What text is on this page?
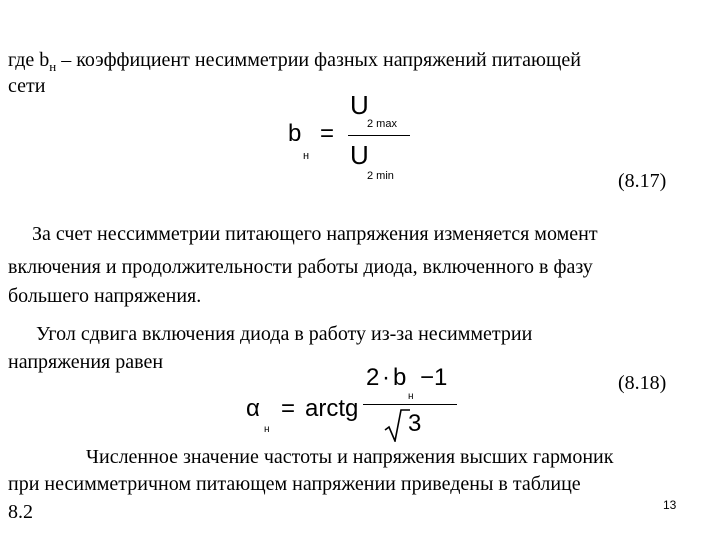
где $b_н$ – коэффициент несимметрии фазных напряжений питающей
сети
b
н
=
U
2 max
U
2 min	(8.17)
За счет нессимметрии питающего напряжения изменяется момент
включения и продолжительности работы диода, включенного в фазу
большего напряжения.
Угол сдвига включения диода в работу из-за несимметрии
напряжения равен
2 · b
н
−1
α
н
= arctg
3
(8.18)
Численное значение частоты и напряжения высших гармоник
при несимметричном питающем напряжении приведены в таблице
8.2	13
